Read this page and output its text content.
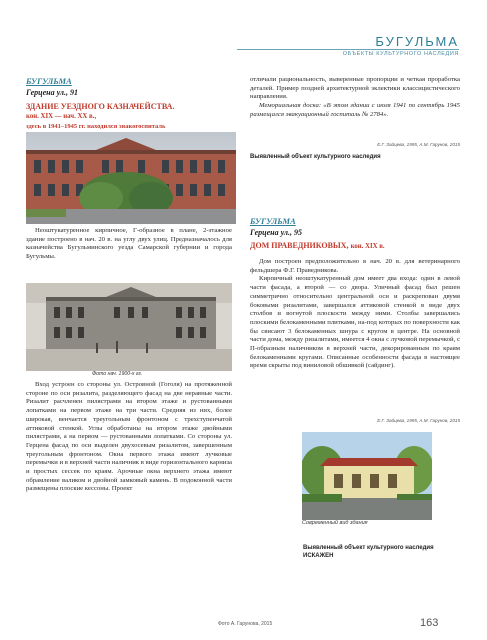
БУГУЛЬМА
ОБЪЕКТЫ КУЛЬТУРНОГО НАСЛЕДИЯ
БУГУЛЬМА
Герцена ул., 91
ЗДАНИЕ УЕЗДНОГО КАЗНАЧЕЙСТВА.
кон. XIX — нач. XX в.,
здесь в 1941–1945 гг. находился эвакогоспиталь

Неоштукатуренное кирпичное, Г-образное в плане, 2-этажное здание построено в нач. 20 в. на углу двух улиц. Предназначалось для казначейства Бугульминского уезда Самарской губернии и города Бугульмы.

Фото нач. 1900-х гг.

Вход устроен со стороны ул. Островной (Гоголя) на протяженной стороне по оси ризалита, разделяющего фасад на две неравные части. Ризалит расчленен пилястрами на втором этаже и рустованными лопатками на первом этаже на три части. Средняя из них, более широкая, венчается треугольным фронтоном с трехступенчатой аттиковой стенкой. Углы обработаны на втором этаже двойными пилястрами, а на первом — рустованными лопатками. Со стороны ул. Герцена фасад по оси выделен двухосевым ризалитом, завершенным треугольным фронтоном. Окна первого этажа имеют лучковые перемычки и в верхней части наличник в виде горизонтального карниза и простых сессек по краям. Арочные окна верхнего этажа имеют обрамление валиком и двойной замковый камень. В подоконной части размещены плоские кессоны. Проект

отличали рациональность, выверенные пропорции и четкая проработка деталей. Пример поздней архитектурной эклектики классицистического направления.

Мемориальная доска: «В этом здании с июля 1941 по сентябрь 1945 размещался эвакуационный госпиталь № 2784».

Е.Г. Зайцева, 1995, А.М. Гарунов, 2015
Выявленный объект культурного наследия
БУГУЛЬМА
Герцена ул., 95
ДОМ ПРАВЕДНИКОВЫХ, кон. XIX в.

Дом построен предположительно в нач. 20 в. для ветеринарного фельдшера Ф.Г. Праведникова.

Кирпичный неоштукатуренный дом имеет два входа: один в левой части фасада, а второй — со двора. Уличный фасад был решен симметрично относительно центральной оси и раскрепован двумя боковыми ризалитами, завершался аттиковой стенкой в виде двух столбов и вогнутой плоскости между ними. Столбы завершались плоскими белокаменными плитками, на-под которых по поверхности как бы свисают 3 белокаменных шнура с кругом в центре. На основной части дома, между ризалитами, имеется 4 окна с лучковой перемычкой, с П-образным наличником в верхней части, декорированным по краям белокаменными кругами. Описанные особенности фасада в настоящее время скрыты под виниловой обшивкой (сайдинг).

Е.Г. Зайцева, 1995, А.М. Гарунов, 2015
Современный вид здания
Выявленный объект культурного наследия
ИСКАЖЕН
Фото А. Гарунова, 2015	163
